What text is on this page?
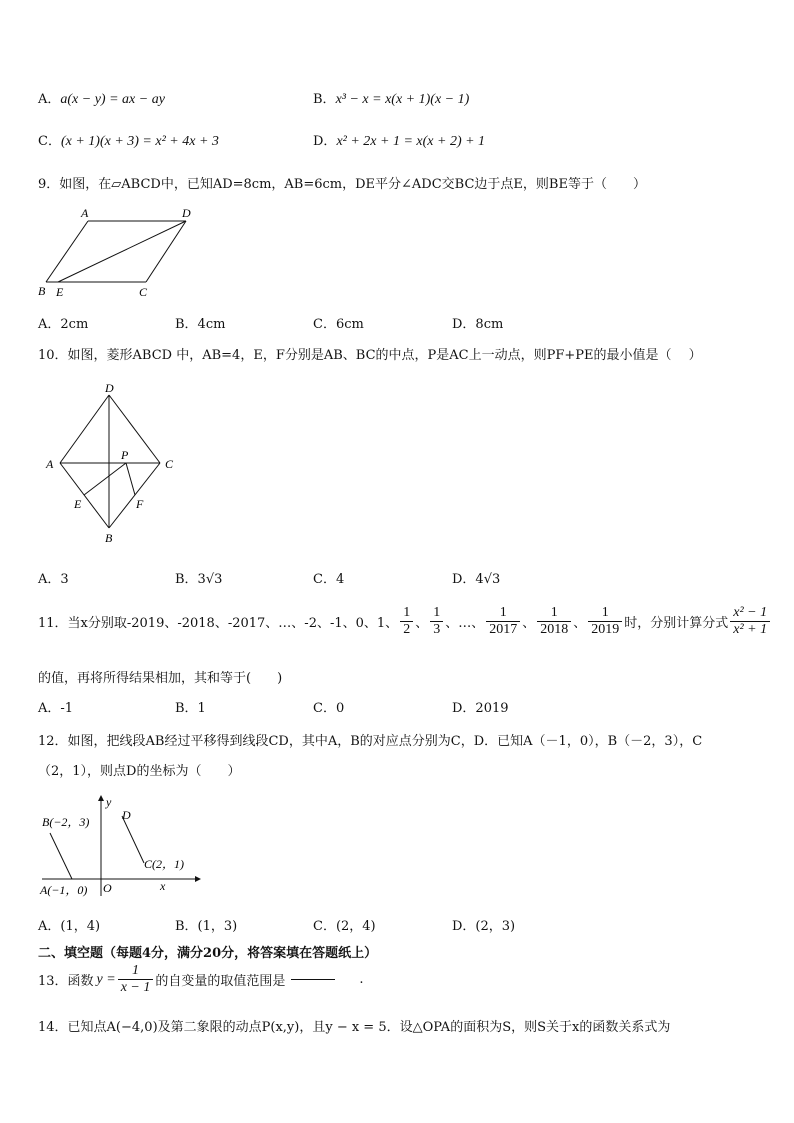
A．a(x − y) = ax − ay	B．x³ − x = x(x + 1)(x − 1)
C．(x + 1)(x + 3) = x² + 4x + 3	D．x² + 2x + 1 = x(x + 2) + 1
9．如图，在▱ABCD中，已知AD=8cm，AB=6cm，DE平分∠ADC交BC边于点E，则BE等于（　　）
A	D
B E	C
A．2cm	B．4cm	C．6cm	D．8cm
10．如图，菱形ABCD 中，AB=4，E，F分别是AB、BC的中点，P是AC上一动点，则PF+PE的最小值是（　 ）
D
A	C
P
E	F
B
A．3	B．3√3	C．4	D．4√3
11．当x分别取-2019、-2018、-2017、…、-2、-1、0、1、 $\frac{1}{2}$ 、 $\frac{1}{3}$ 、…、 $\frac{1}{2017}$ 、 $\frac{1}{2018}$ 、 $\frac{1}{2019}$ 时，分别计算分式 $\frac{\text{x² − 1}}{\text{x² + 1}}$
的值，再将所得结果相加，其和等于(　　)
A．-1	B．1	C．0	D．2019
12．如图，把线段AB经过平移得到线段CD，其中A，B的对应点分别为C，D．已知A（－1，0），B（－2，3），C
（2，1），则点D的坐标为（　　）
B(−2，3)	D
C(2，1)
A(−1，0) O	x
y
A．(1，4)	B．(1，3)	C．(2，4)	D．(2，3)
二、填空题（每题4分，满分20分，将答案填在答题纸上）
13．函数 $y = \frac{1}{x - 1}$ 的自变量的取值范围是	.
14．已知点A(−4,0)及第二象限的动点P(x,y)，且y − x = 5．设△OPA的面积为S，则S关于x的函数关系式为
